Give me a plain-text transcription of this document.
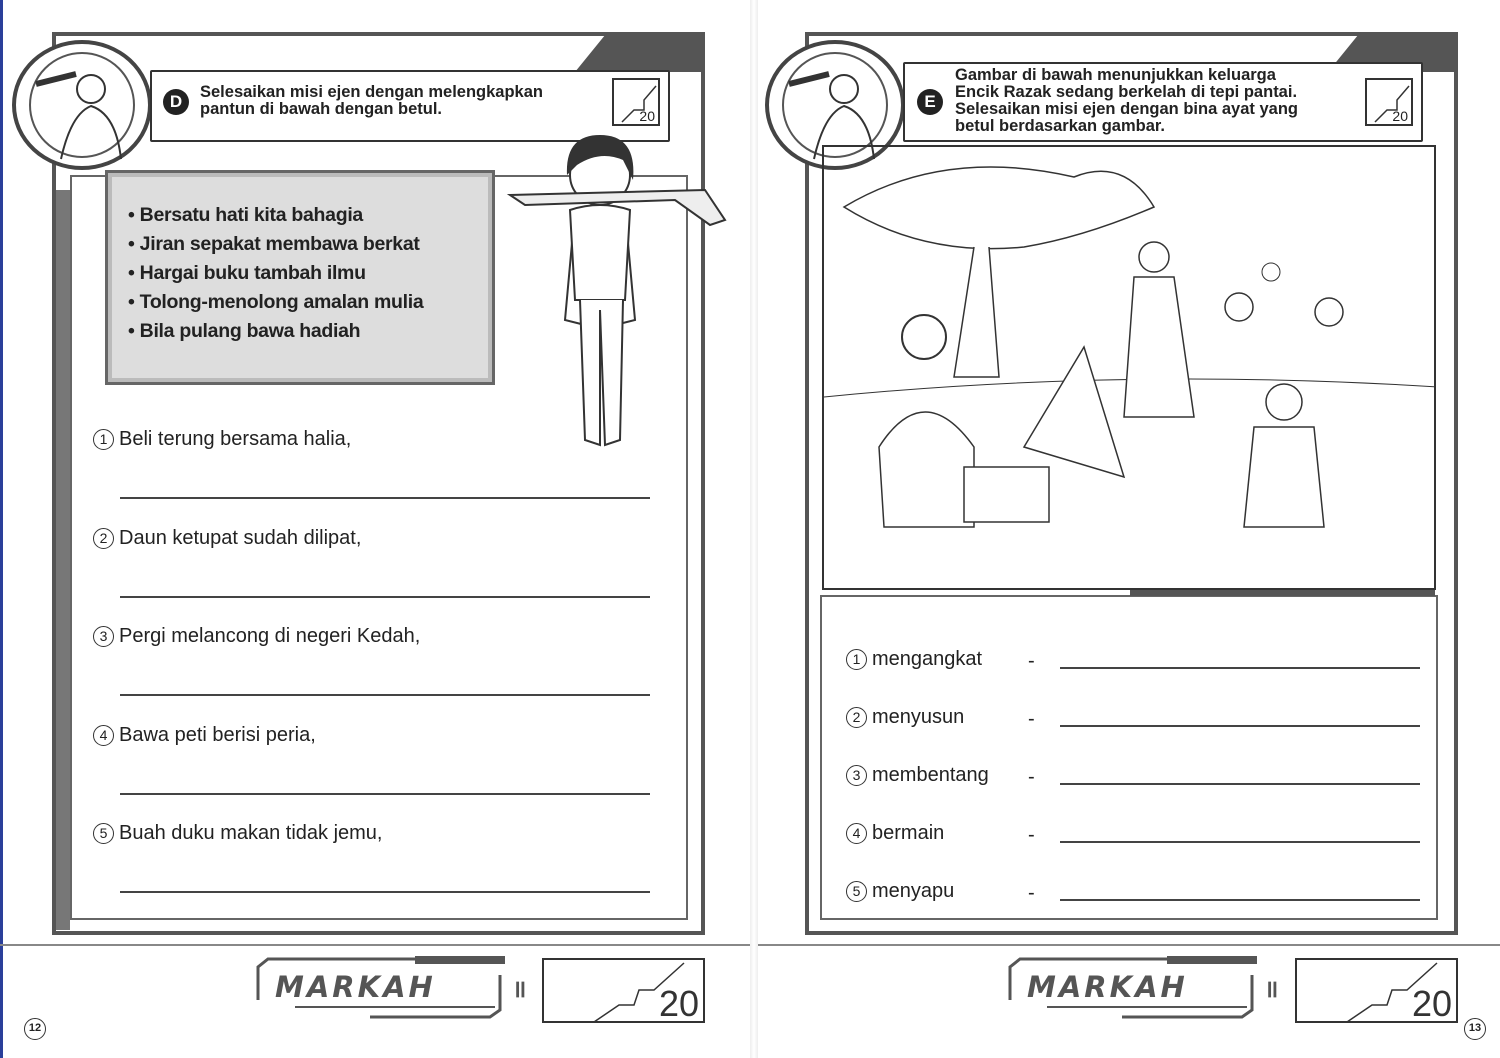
D	Selesaikan misi ejen dengan melengkapkan pantun di bawah dengan betul.	20
• Bersatu hati kita bahagia
• Jiran sepakat membawa berkat
• Hargai buku tambah ilmu
• Tolong-menolong amalan mulia
• Bila pulang bawa hadiah
1 Beli terung bersama halia,
2 Daun ketupat sudah dilipat,
3 Pergi melancong di negeri Kedah,
4 Bawa peti berisi peria,
5 Buah duku makan tidak jemu,
MARKAH	॥	20
12
E
Gambar di bawah menunjukkan keluarga
Encik Razak sedang berkelah di tepi pantai.
Selesaikan misi ejen dengan bina ayat yang
betul berdasarkan gambar.
20
1 mengangkat -
2 menyusun	-
3 membentang -
4 bermain	-
5 menyapu	-
MARKAH	॥	20
13
